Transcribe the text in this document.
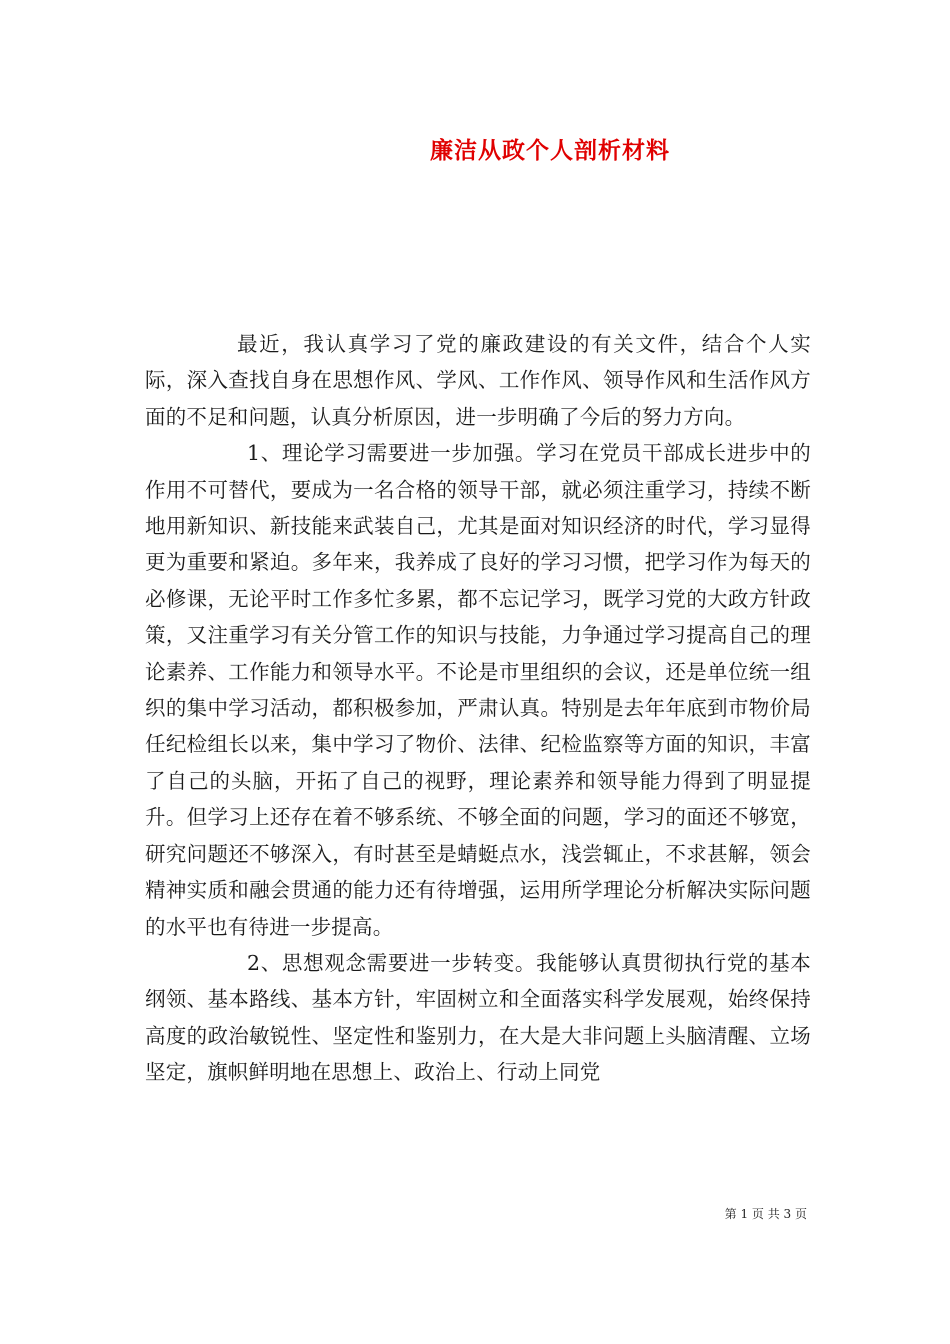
廉洁从政个人剖析材料

最近，我认真学习了党的廉政建设的有关文件，结合个人实际，深入查找自身在思想作风、学风、工作作风、领导作风和生活作风方面的不足和问题，认真分析原因，进一步明确了今后的努力方向。

1、理论学习需要进一步加强。学习在党员干部成长进步中的作用不可替代，要成为一名合格的领导干部，就必须注重学习，持续不断地用新知识、新技能来武装自己，尤其是面对知识经济的时代，学习显得更为重要和紧迫。多年来，我养成了良好的学习习惯，把学习作为每天的必修课，无论平时工作多忙多累，都不忘记学习，既学习党的大政方针政策，又注重学习有关分管工作的知识与技能，力争通过学习提高自己的理论素养、工作能力和领导水平。不论是市里组织的会议，还是单位统一组织的集中学习活动，都积极参加，严肃认真。特别是去年年底到市物价局任纪检组长以来，集中学习了物价、法律、纪检监察等方面的知识，丰富了自己的头脑，开拓了自己的视野，理论素养和领导能力得到了明显提升。但学习上还存在着不够系统、不够全面的问题，学习的面还不够宽，研究问题还不够深入，有时甚至是蜻蜓点水，浅尝辄止，不求甚解，领会精神实质和融会贯通的能力还有待增强，运用所学理论分析解决实际问题的水平也有待进一步提高。

2、思想观念需要进一步转变。我能够认真贯彻执行党的基本纲领、基本路线、基本方针，牢固树立和全面落实科学发展观，始终保持高度的政治敏锐性、坚定性和鉴别力，在大是大非问题上头脑清醒、立场坚定，旗帜鲜明地在思想上、政治上、行动上同党

第 1 页 共 3 页
